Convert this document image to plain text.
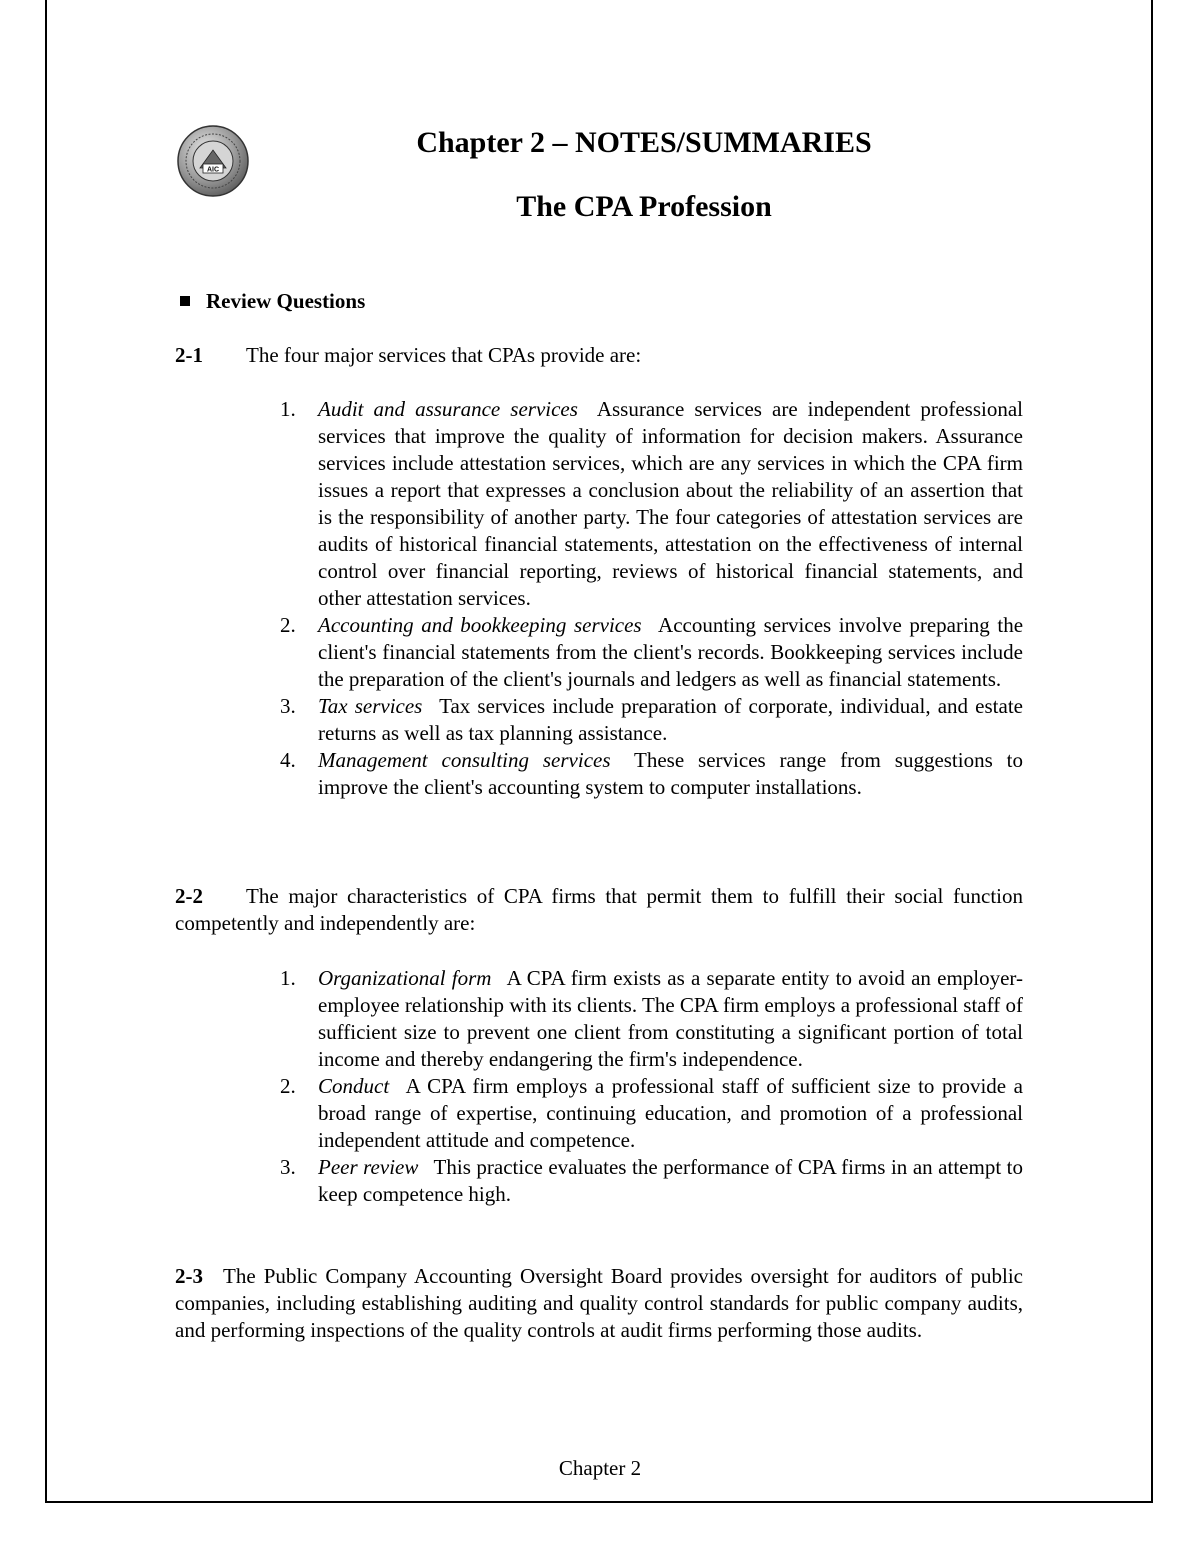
AIC
Chapter 2 – NOTES/SUMMARIES
The CPA Profession
Review Questions
2-1 The four major services that CPAs provide are:
1. Audit and assurance services Assurance services are independent professional services that improve the quality of information for decision makers. Assurance services include attestation services, which are any services in which the CPA firm issues a report that expresses a conclusion about the reliability of an assertion that is the responsibility of another party. The four categories of attestation services are audits of historical financial statements, attestation on the effectiveness of internal control over financial reporting, reviews of historical financial statements, and other attestation services.
2. Accounting and bookkeeping services Accounting services involve preparing the client's financial statements from the client's records. Bookkeeping services include the preparation of the client's journals and ledgers as well as financial statements.
3. Tax services Tax services include preparation of corporate, individual, and estate returns as well as tax planning assistance.
4. Management consulting services These services range from suggestions to improve the client's accounting system to computer installations.
2-2 The major characteristics of CPA firms that permit them to fulfill their social function competently and independently are:
1. Organizational form A CPA firm exists as a separate entity to avoid an employer-employee relationship with its clients. The CPA firm employs a professional staff of sufficient size to prevent one client from constituting a significant portion of total income and thereby endangering the firm's independence.
2. Conduct A CPA firm employs a professional staff of sufficient size to provide a broad range of expertise, continuing education, and promotion of a professional independent attitude and competence.
3. Peer review This practice evaluates the performance of CPA firms in an attempt to keep competence high.
2-3 The Public Company Accounting Oversight Board provides oversight for auditors of public companies, including establishing auditing and quality control standards for public company audits, and performing inspections of the quality controls at audit firms performing those audits.
Chapter 2
